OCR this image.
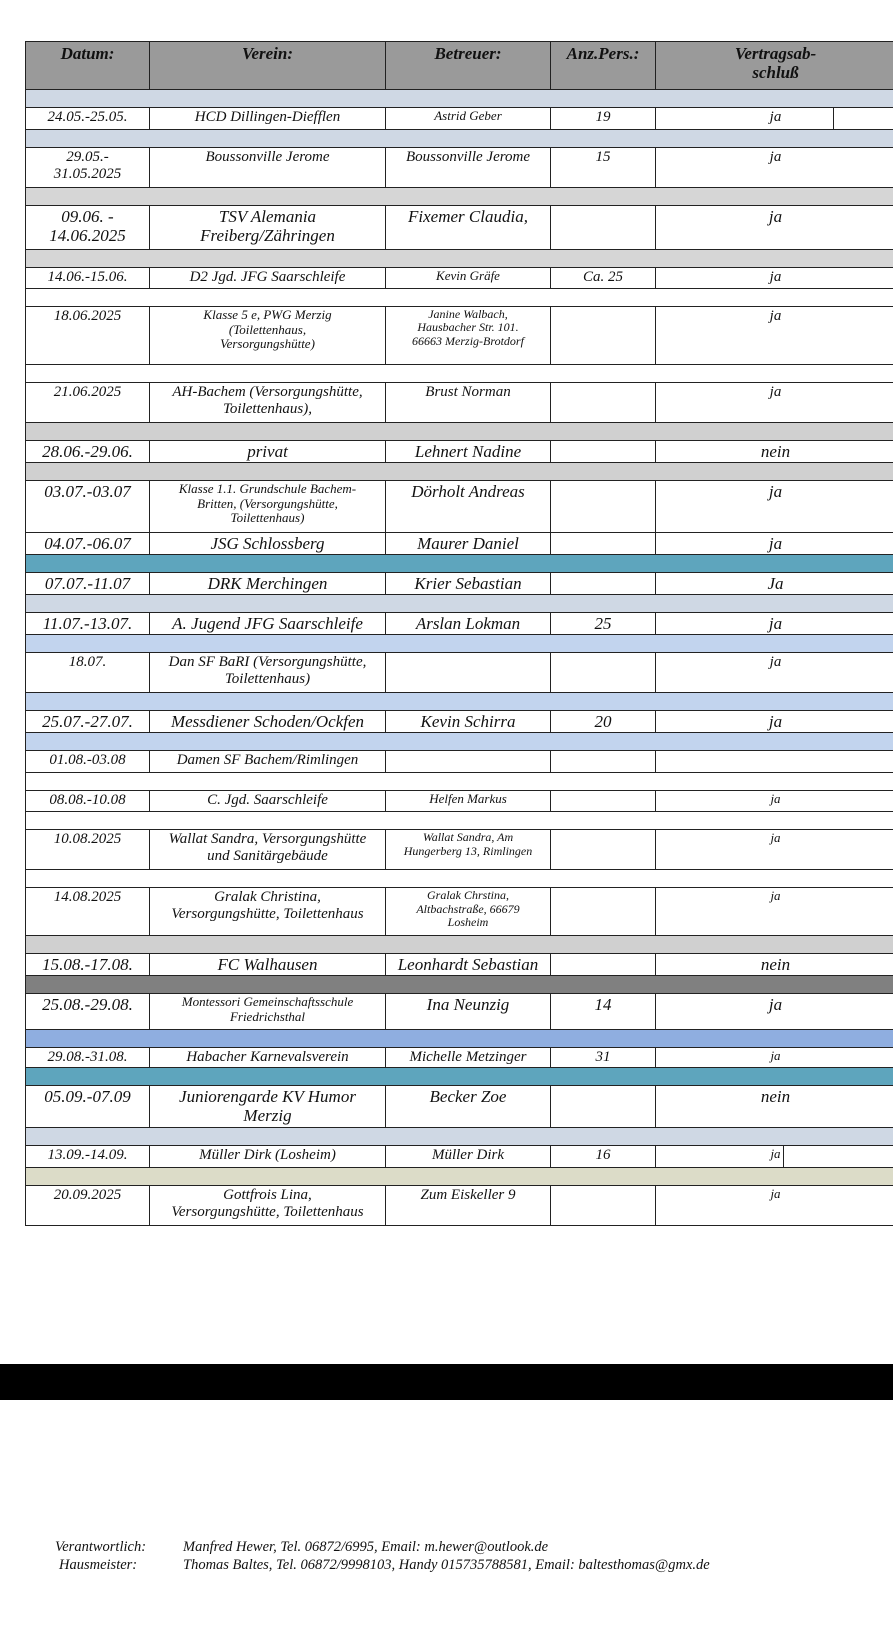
Datum:	Verein:	Betreuer:	Anz.Pers.:	Vertragsab-
schluß

24.05.-25.05.	HCD Dillingen-Diefflen	Astrid Geber	19	ja

29.05.-
31.05.2025	Boussonville Jerome	Boussonville Jerome	15	ja

09.06. -
14.06.2025	TSV Alemania
Freiberg/Zähringen	Fixemer Claudia,		ja

14.06.-15.06.	D2 Jgd. JFG Saarschleife	Kevin Gräfe	Ca. 25	ja

18.06.2025	Klasse 5 e, PWG Merzig
(Toilettenhaus,
Versorgungshütte)	Janine Walbach,
Hausbacher Str. 101.
66663 Merzig-Brotdorf		ja

21.06.2025	AH-Bachem (Versorgungshütte,
Toilettenhaus),	Brust Norman		ja

28.06.-29.06.	privat	Lehnert Nadine		nein

03.07.-03.07	Klasse 1.1. Grundschule Bachem-
Britten, (Versorgungshütte,
Toilettenhaus)	Dörholt Andreas		ja
04.07.-06.07	JSG Schlossberg	Maurer Daniel		ja

07.07.-11.07	DRK Merchingen	Krier Sebastian		Ja

11.07.-13.07.	A. Jugend JFG Saarschleife	Arslan Lokman	25	ja

18.07.	Dan SF BaRI (Versorgungshütte,
Toilettenhaus)			ja

25.07.-27.07.	Messdiener Schoden/Ockfen	Kevin Schirra	20	ja

01.08.-03.08	Damen SF Bachem/Rimlingen			

08.08.-10.08	C. Jgd. Saarschleife	Helfen Markus		ja

10.08.2025	Wallat Sandra, Versorgungshütte
und Sanitärgebäude	Wallat Sandra, Am
Hungerberg 13, Rimlingen		ja

14.08.2025	Gralak Christina,
Versorgungshütte, Toilettenhaus	Gralak Chrstina,
Altbachstraße, 66679
Losheim		ja

15.08.-17.08.	FC Walhausen	Leonhardt Sebastian		nein

25.08.-29.08.	Montessori Gemeinschaftsschule
Friedrichsthal	Ina Neunzig	14	ja

29.08.-31.08.	Habacher Karnevalsverein	Michelle Metzinger	31	ja

05.09.-07.09	Juniorengarde KV Humor
Merzig	Becker Zoe		nein

13.09.-14.09.	Müller Dirk (Losheim)	Müller Dirk	16	ja

20.09.2025	Gottfrois Lina,
Versorgungshütte, Toilettenhaus	Zum Eiskeller 9		ja
Verantwortlich:	Manfred Hewer, Tel. 06872/6995, Email: m.hewer@outlook.de
Hausmeister:	Thomas Baltes, Tel. 06872/9998103, Handy 015735788581, Email: baltesthomas@gmx.de
